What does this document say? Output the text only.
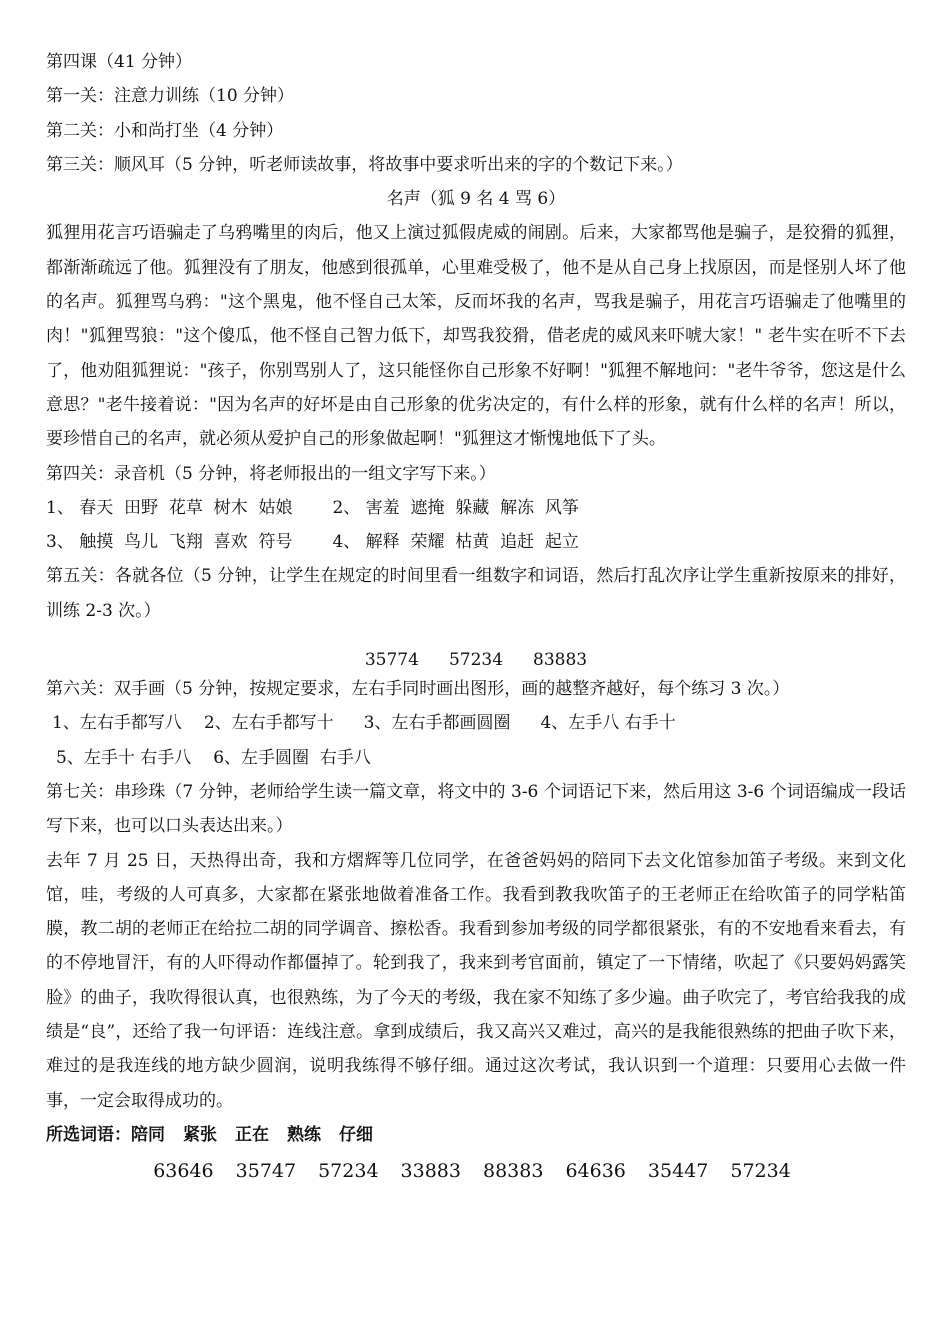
第四课（41 分钟）
第一关：注意力训练（10 分钟）
第二关：小和尚打坐（4 分钟）
第三关：顺风耳（5 分钟，听老师读故事，将故事中要求听出来的字的个数记下来。）
名声（狐 9 名 4 骂 6）
狐狸用花言巧语骗走了乌鸦嘴里的肉后，他又上演过狐假虎威的闹剧。后来，大家都骂他是骗子，是狡猾的狐狸，都渐渐疏远了他。狐狸没有了朋友，他感到很孤单，心里难受极了，他不是从自己身上找原因，而是怪别人坏了他的名声。狐狸骂乌鸦："这个黑鬼，他不怪自己太笨，反而坏我的名声，骂我是骗子，用花言巧语骗走了他嘴里的肉！"狐狸骂狼："这个傻瓜，他不怪自己智力低下，却骂我狡猾，借老虎的威风来吓唬大家！" 老牛实在听不下去了，他劝阻狐狸说："孩子，你别骂别人了，这只能怪你自己形象不好啊！"狐狸不解地问："老牛爷爷，您这是什么意思？"老牛接着说："因为名声的好坏是由自己形象的优劣决定的，有什么样的形象，就有什么样的名声！所以，要珍惜自己的名声，就必须从爱护自己的形象做起啊！"狐狸这才惭愧地低下了头。
第四关：录音机（5 分钟，将老师报出的一组文字写下来。）
1、 春天  田野  花草  树木  姑娘 2、 害羞  遮掩  躲藏  解冻  风筝
3、 触摸  鸟儿  飞翔  喜欢  符号 4、 解释  荣耀  枯黄  追赶  起立
第五关：各就各位（5 分钟，让学生在规定的时间里看一组数字和词语，然后打乱次序让学生重新按原来的排好，训练 2-3 次。）
35774 57234 83883
第六关：双手画（5 分钟，按规定要求，左右手同时画出图形，画的越整齐越好，每个练习 3 次。）
1、左右手都写八 2、左右手都写十 3、左右手都画圆圈 4、左手八 右手十
5、左手十 右手八 6、左手圆圈  右手八
第七关：串珍珠（7 分钟，老师给学生读一篇文章，将文中的 3-6 个词语记下来，然后用这 3-6 个词语编成一段话写下来，也可以口头表达出来。）
去年 7 月 25 日，天热得出奇，我和方熠辉等几位同学，在爸爸妈妈的陪同下去文化馆参加笛子考级。来到文化馆，哇，考级的人可真多，大家都在紧张地做着准备工作。我看到教我吹笛子的王老师正在给吹笛子的同学粘笛膜，教二胡的老师正在给拉二胡的同学调音、擦松香。我看到参加考级的同学都很紧张，有的不安地看来看去，有的不停地冒汗，有的人吓得动作都僵掉了。轮到我了，我来到考官面前，镇定了一下情绪，吹起了《只要妈妈露笑脸》的曲子，我吹得很认真，也很熟练，为了今天的考级，我在家不知练了多少遍。曲子吹完了，考官给我我的成绩是“良”，还给了我一句评语：连线注意。拿到成绩后，我又高兴又难过，高兴的是我能很熟练的把曲子吹下来，难过的是我连线的地方缺少圆润，说明我练得不够仔细。通过这次考试，我认识到一个道理：只要用心去做一件事，一定会取得成功的。
所选词语：陪同 紧张 正在 熟练 仔细
63646 35747 57234 33883 88383 64636 35447 57234
